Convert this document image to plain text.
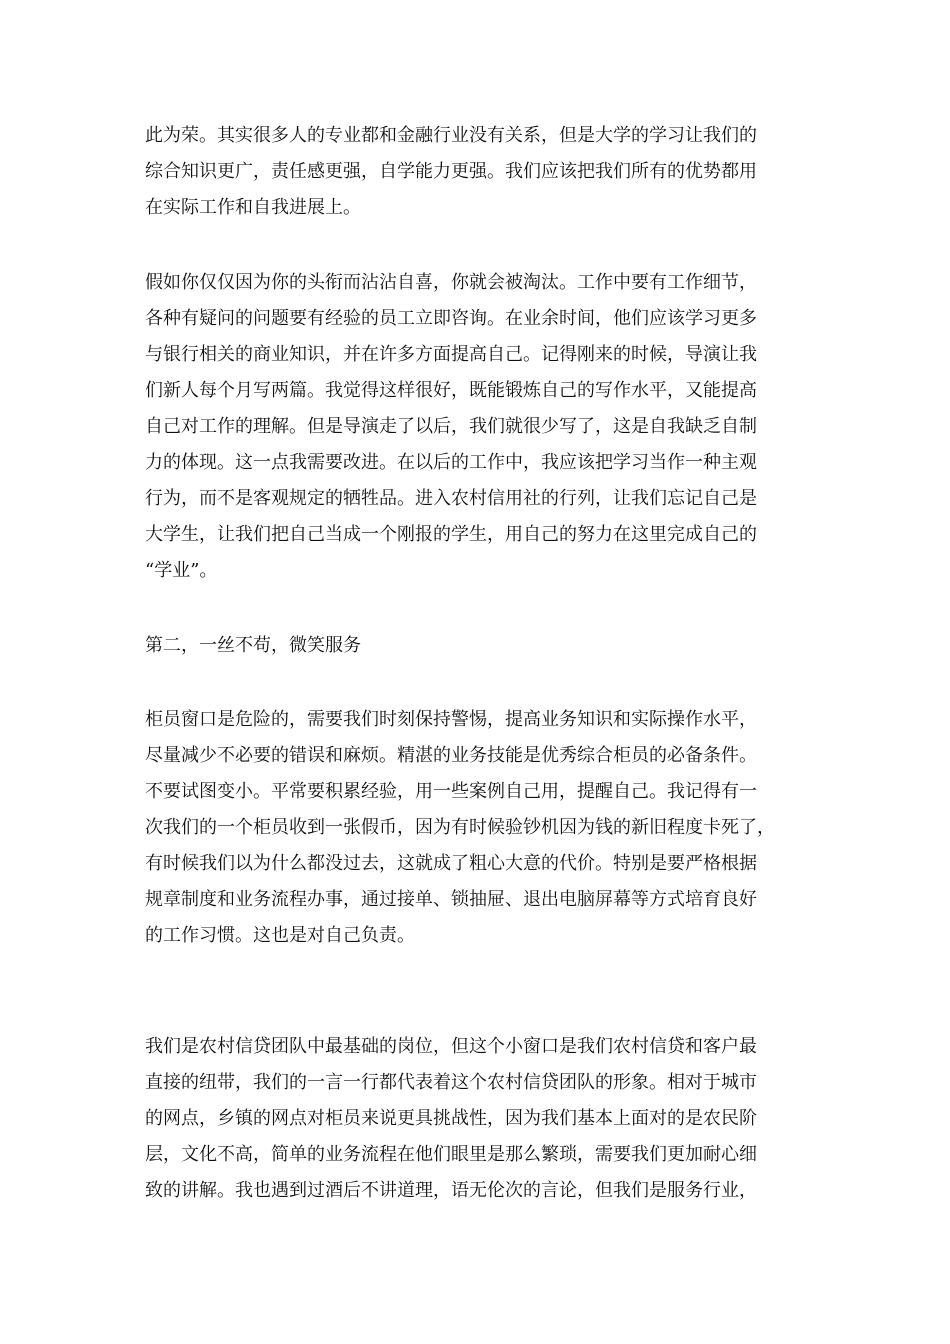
此为荣。其实很多人的专业都和金融行业没有关系，但是大学的学习让我们的
综合知识更广，责任感更强，自学能力更强。我们应该把我们所有的优势都用
在实际工作和自我进展上。
假如你仅仅因为你的头衔而沾沾自喜，你就会被淘汰。工作中要有工作细节，
各种有疑问的问题要有经验的员工立即咨询。在业余时间，他们应该学习更多
与银行相关的商业知识，并在许多方面提高自己。记得刚来的时候，导演让我
们新人每个月写两篇。我觉得这样很好，既能锻炼自己的写作水平，又能提高
自己对工作的理解。但是导演走了以后，我们就很少写了，这是自我缺乏自制
力的体现。这一点我需要改进。在以后的工作中，我应该把学习当作一种主观
行为，而不是客观规定的牺牲品。进入农村信用社的行列，让我们忘记自己是
大学生，让我们把自己当成一个刚报的学生，用自己的努力在这里完成自己的
“学业”。
第二，一丝不苟，微笑服务
柜员窗口是危险的，需要我们时刻保持警惕，提高业务知识和实际操作水平，
尽量减少不必要的错误和麻烦。精湛的业务技能是优秀综合柜员的必备条件。
不要试图变小。平常要积累经验，用一些案例自己用，提醒自己。我记得有一
次我们的一个柜员收到一张假币，因为有时候验钞机因为钱的新旧程度卡死了，
有时候我们以为什么都没过去，这就成了粗心大意的代价。特别是要严格根据
规章制度和业务流程办事，通过接单、锁抽屉、退出电脑屏幕等方式培育良好
的工作习惯。这也是对自己负责。
我们是农村信贷团队中最基础的岗位，但这个小窗口是我们农村信贷和客户最
直接的纽带，我们的一言一行都代表着这个农村信贷团队的形象。相对于城市
的网点，乡镇的网点对柜员来说更具挑战性，因为我们基本上面对的是农民阶
层，文化不高，简单的业务流程在他们眼里是那么繁琐，需要我们更加耐心细
致的讲解。我也遇到过酒后不讲道理，语无伦次的言论，但我们是服务行业，
